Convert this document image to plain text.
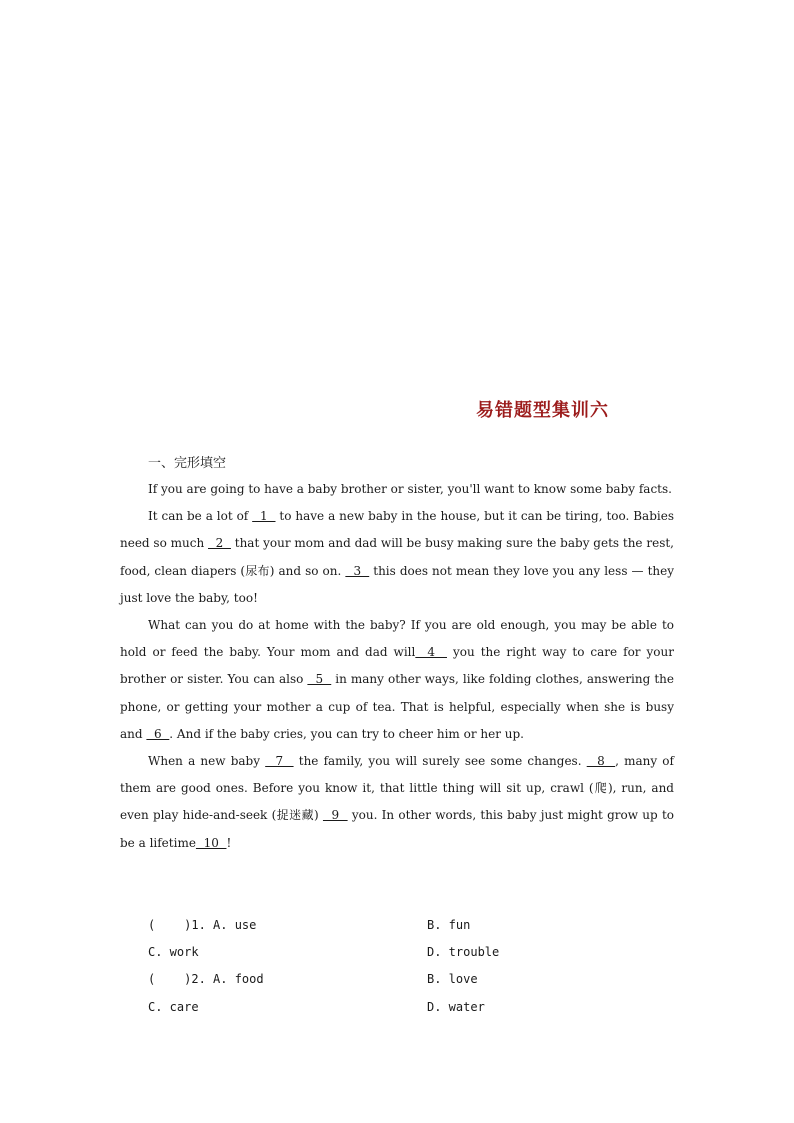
易错题型集训六
一、完形填空

If you are going to have a baby brother or sister, you'll want to know some baby facts.

It can be a lot of   1   to have a new baby in the house, but it can be tiring, too. Babies need so much   2   that your mom and dad will be busy making sure the baby gets the rest, food, clean diapers (尿布) and so on.   3   this does not mean they love you any less — they just love the baby, too!

What can you do at home with the baby? If you are old enough, you may be able to hold or feed the baby. Your mom and dad will  4   you the right way to care for your brother or sister. You can also   5   in many other ways, like folding clothes, answering the phone, or getting your mother a cup of tea. That is helpful, especially when she is busy and   6  . And if the baby cries, you can try to cheer him or her up.

When a new baby   7   the family, you will surely see some changes.   8  , many of them are good ones. Before you know it, that little thing will sit up, crawl (爬), run, and even play hide-and-seek (捉迷藏)   9   you. In other words, this baby just might grow up to be a lifetime  10  !

(    )1. A. use	B. fun
C. work	D. trouble
(    )2. A. food	B. love
C. care	D. water
